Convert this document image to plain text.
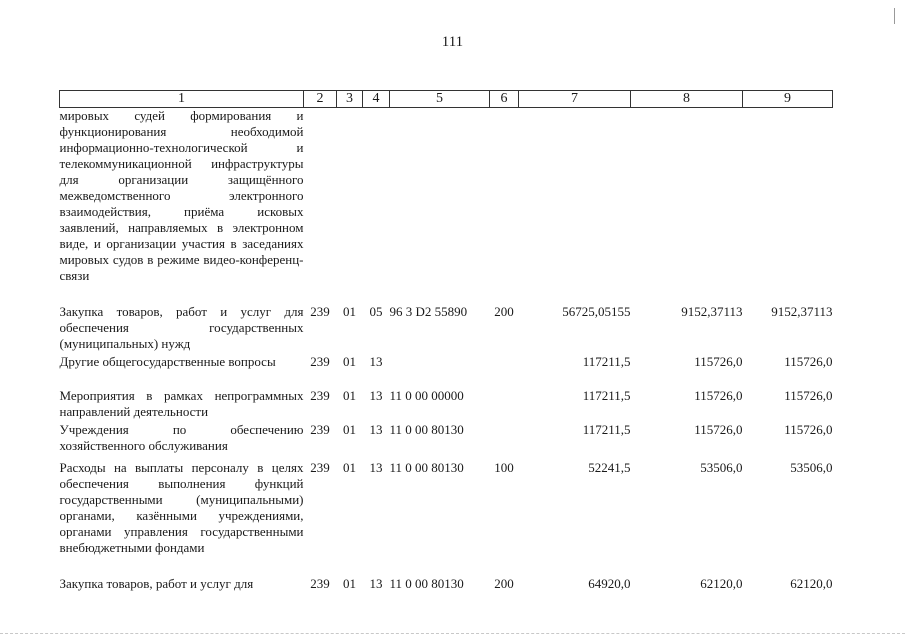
111
1	2	3	4	5	6	7	8	9
мировых судей формирования и функционирования необходимой информационно-технологической и телекоммуникационной инфраструктуры для организации защищённого межведомственного электронного взаимодействия, приёма исковых заявлений, направляемых в электронном виде, и организации участия в заседаниях мировых судов в режиме видео-конференц-связи								
Закупка товаров, работ и услуг для обеспечения государственных (муниципальных) нужд	239	01	05	96 3 D2 55890	200	56725,05155	9152,37113	9152,37113
Другие общегосударственные вопросы	239	01	13			117211,5	115726,0	115726,0
Мероприятия в рамках непрограммных направлений деятельности	239	01	13	11 0 00 00000		117211,5	115726,0	115726,0
Учреждения по обеспечению хозяйственного обслуживания	239	01	13	11 0 00 80130		117211,5	115726,0	115726,0
Расходы на выплаты персоналу в целях обеспечения выполнения функций государственными (муниципальными) органами, казёнными учреждениями, органами управления государственными внебюджетными фондами	239	01	13	11 0 00 80130	100	52241,5	53506,0	53506,0
Закупка товаров, работ и услуг для	239	01	13	11 0 00 80130	200	64920,0	62120,0	62120,0
